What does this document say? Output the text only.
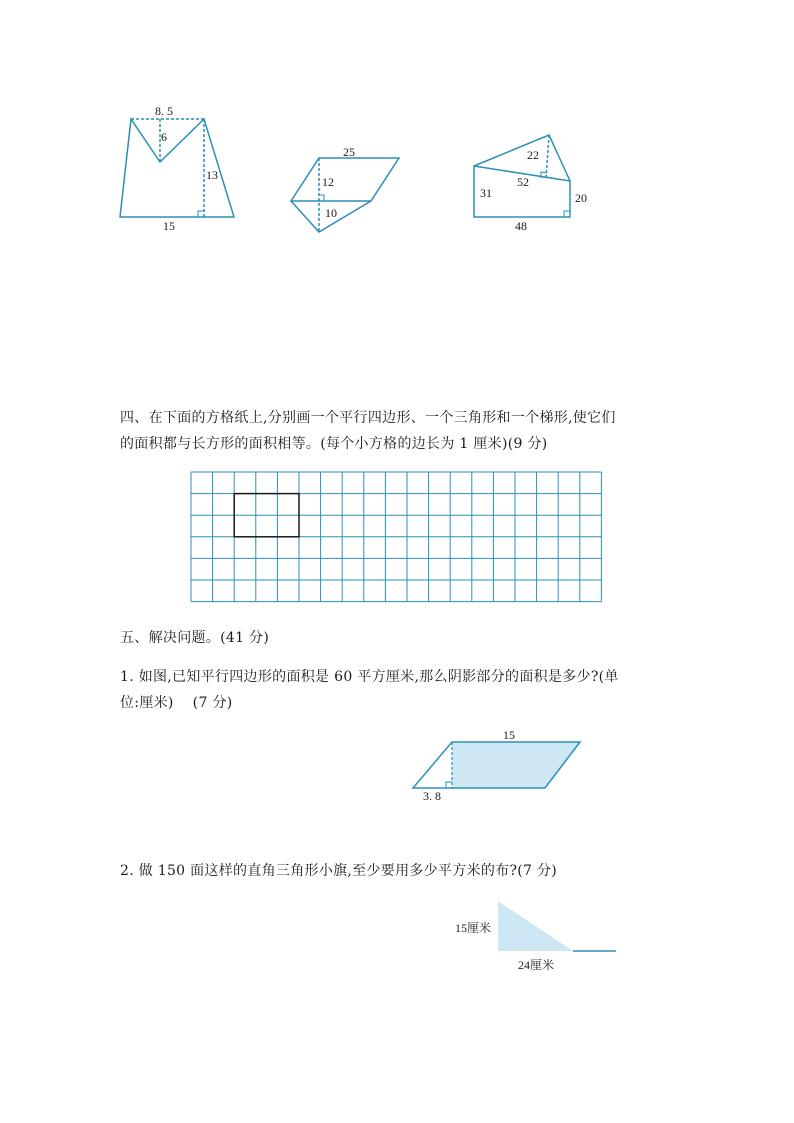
8. 5
6
13
15
25
12
10
22
52
31	20
48
15
3. 8
15厘米
24厘米
四、在下面的方格纸上,分别画一个平行四边形、一个三角形和一个梯形,使它们
的面积都与长方形的面积相等。(每个小方格的边长为 1 厘米)(9 分)
五、解决问题。(41 分)
1. 如图,已知平行四边形的面积是 60 平方厘米,那么阴影部分的面积是多少?(单
位:厘米)    (7 分)
2. 做 150 面这样的直角三角形小旗,至少要用多少平方米的布?(7 分)
